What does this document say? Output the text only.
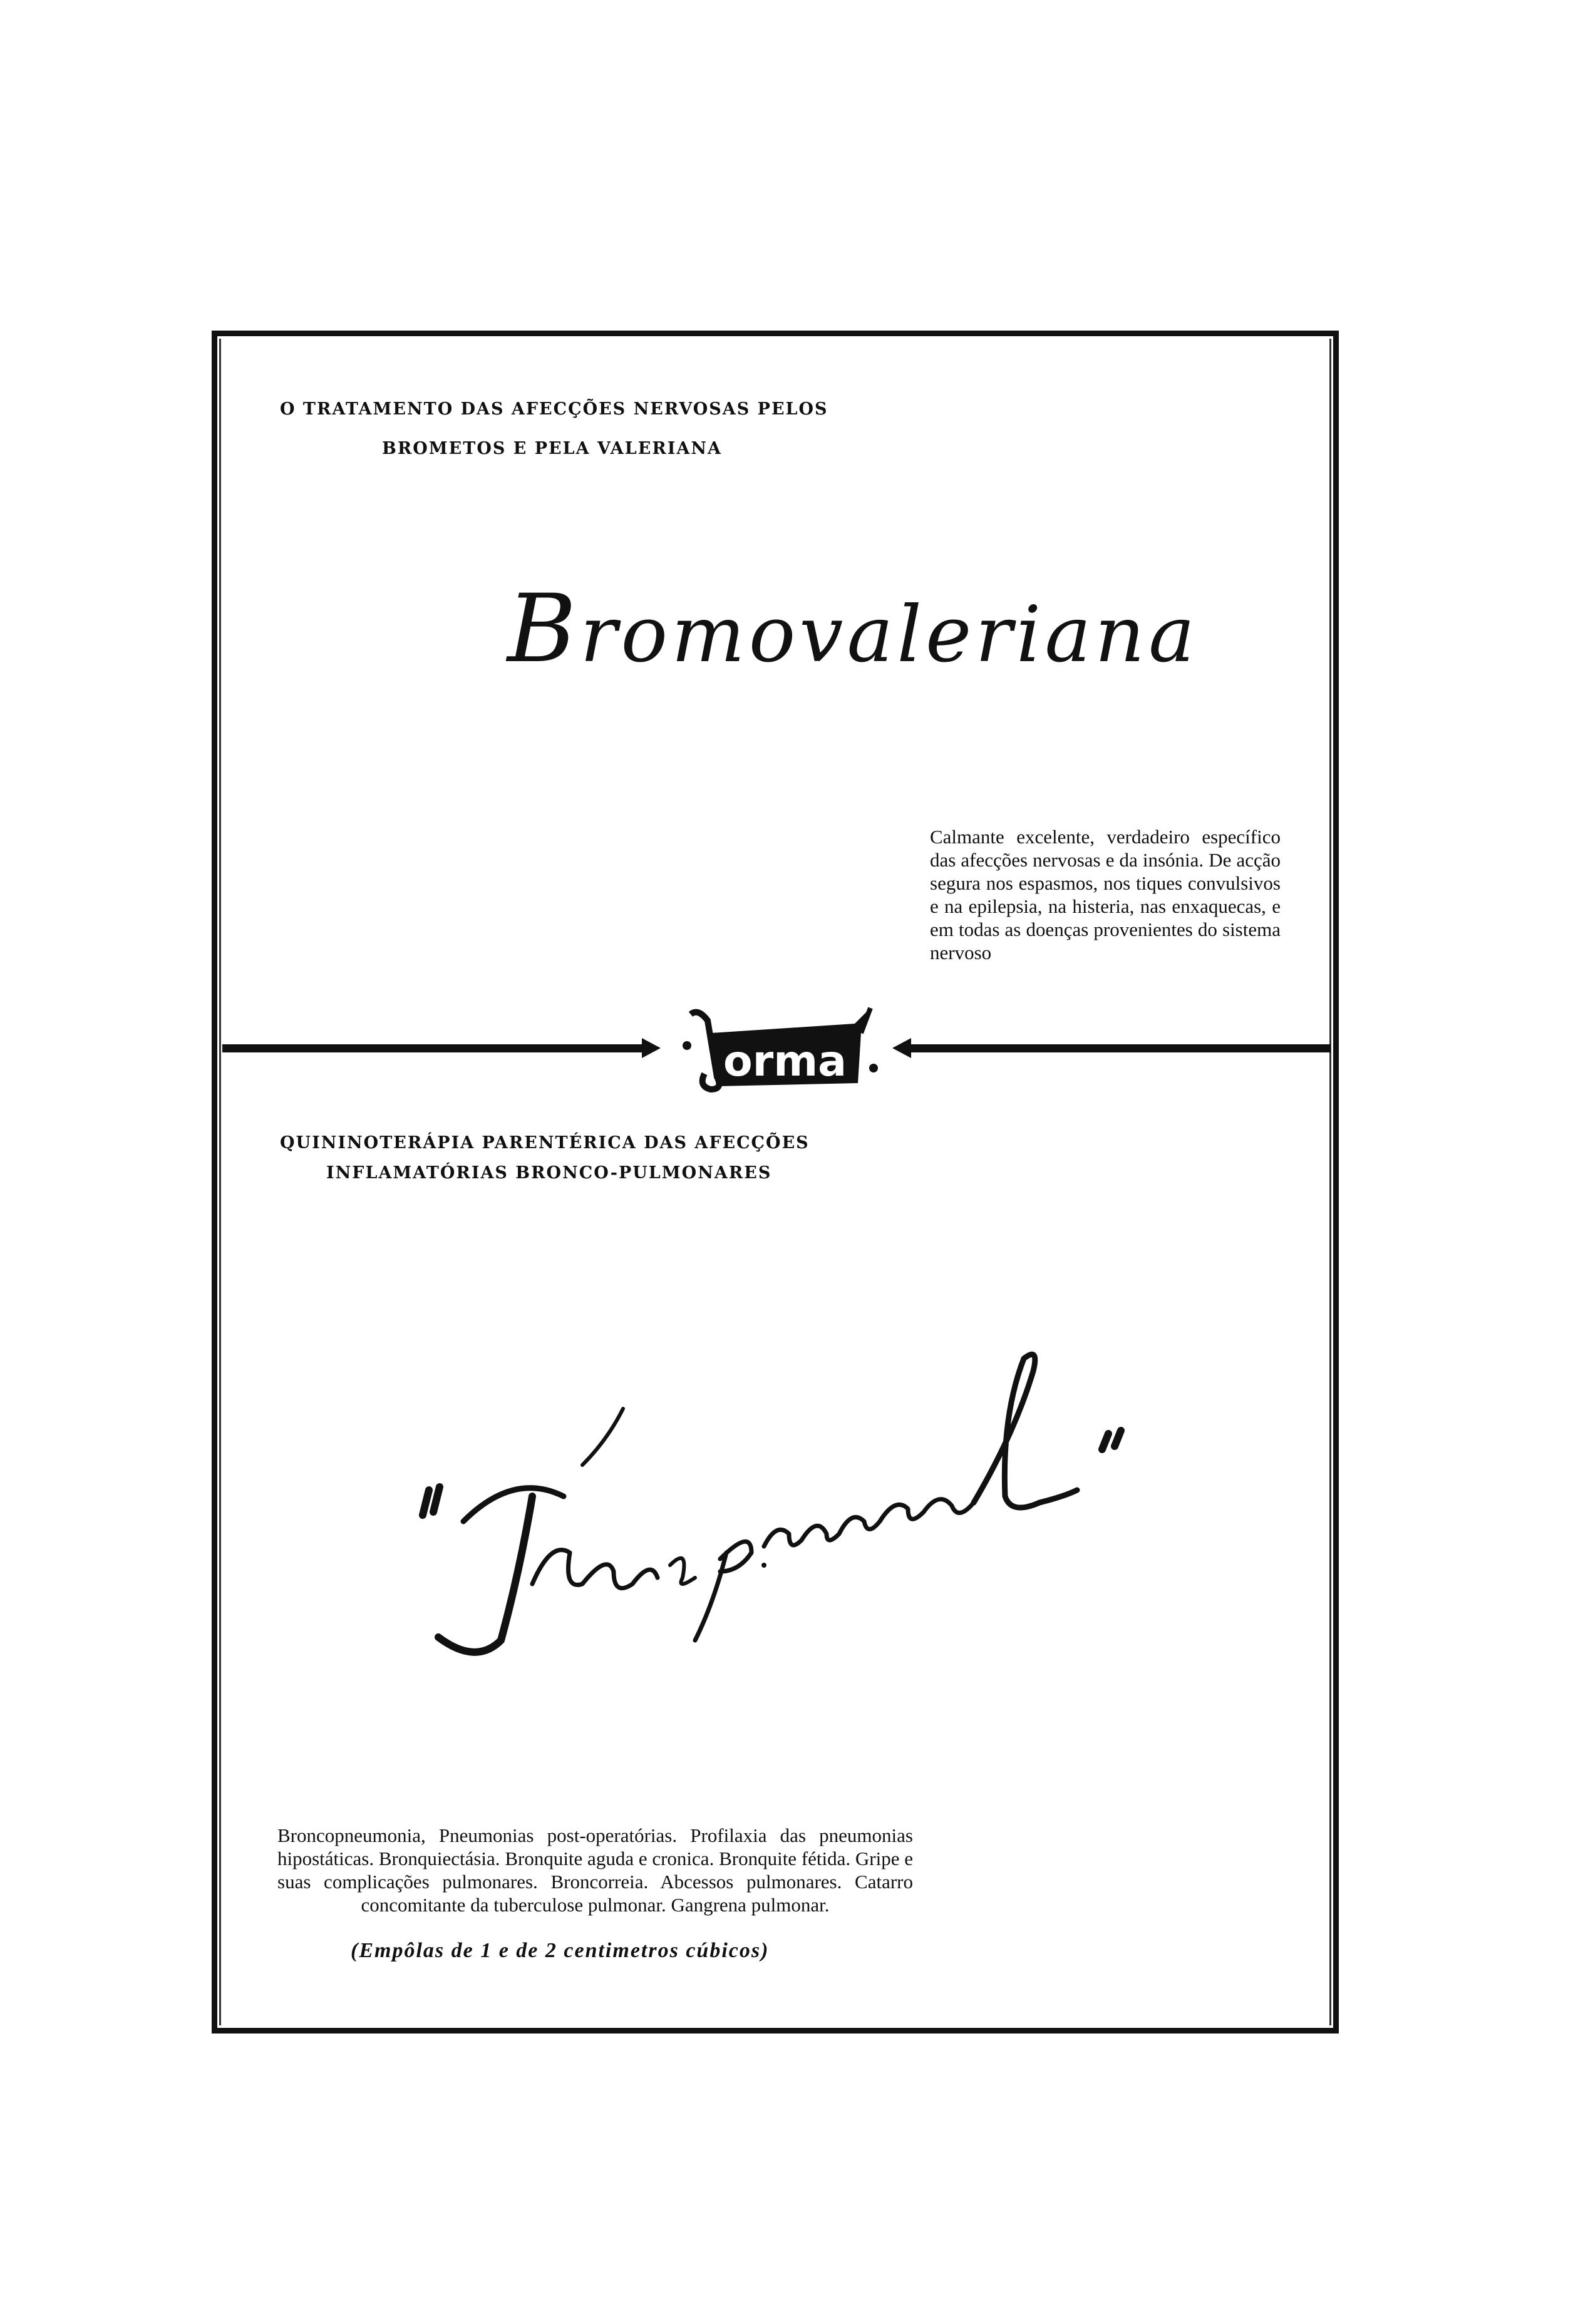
O TRATAMENTO DAS AFECÇÕES NERVOSAS PELOS
BROMETOS E PELA VALERIANA
Bromovaleriana
Calmante excelente, verdadeiro específico das afecções nervosas e da insónia. De acção segura nos espasmos, nos tiques convulsivos e na epilepsia, na histeria, nas enxaquecas, e em todas as doenças provenientes do sistema nervoso
orma
QUININOTERÁPIA PARENTÉRICA DAS AFECÇÕES
INFLAMATÓRIAS BRONCO-PULMONARES
Broncopneumonia, Pneumonias post-operatórias. Profilaxia das pneumonias hipostáticas. Bronquiectásia. Bronquite aguda e cronica. Bronquite fétida. Gripe e suas complicações pulmonares. Broncorreia. Abcessos pulmonares. Catarro concomitante da tuberculose pulmonar. Gangrena pulmonar.
(Empôlas de 1 e de 2 centimetros cúbicos)
